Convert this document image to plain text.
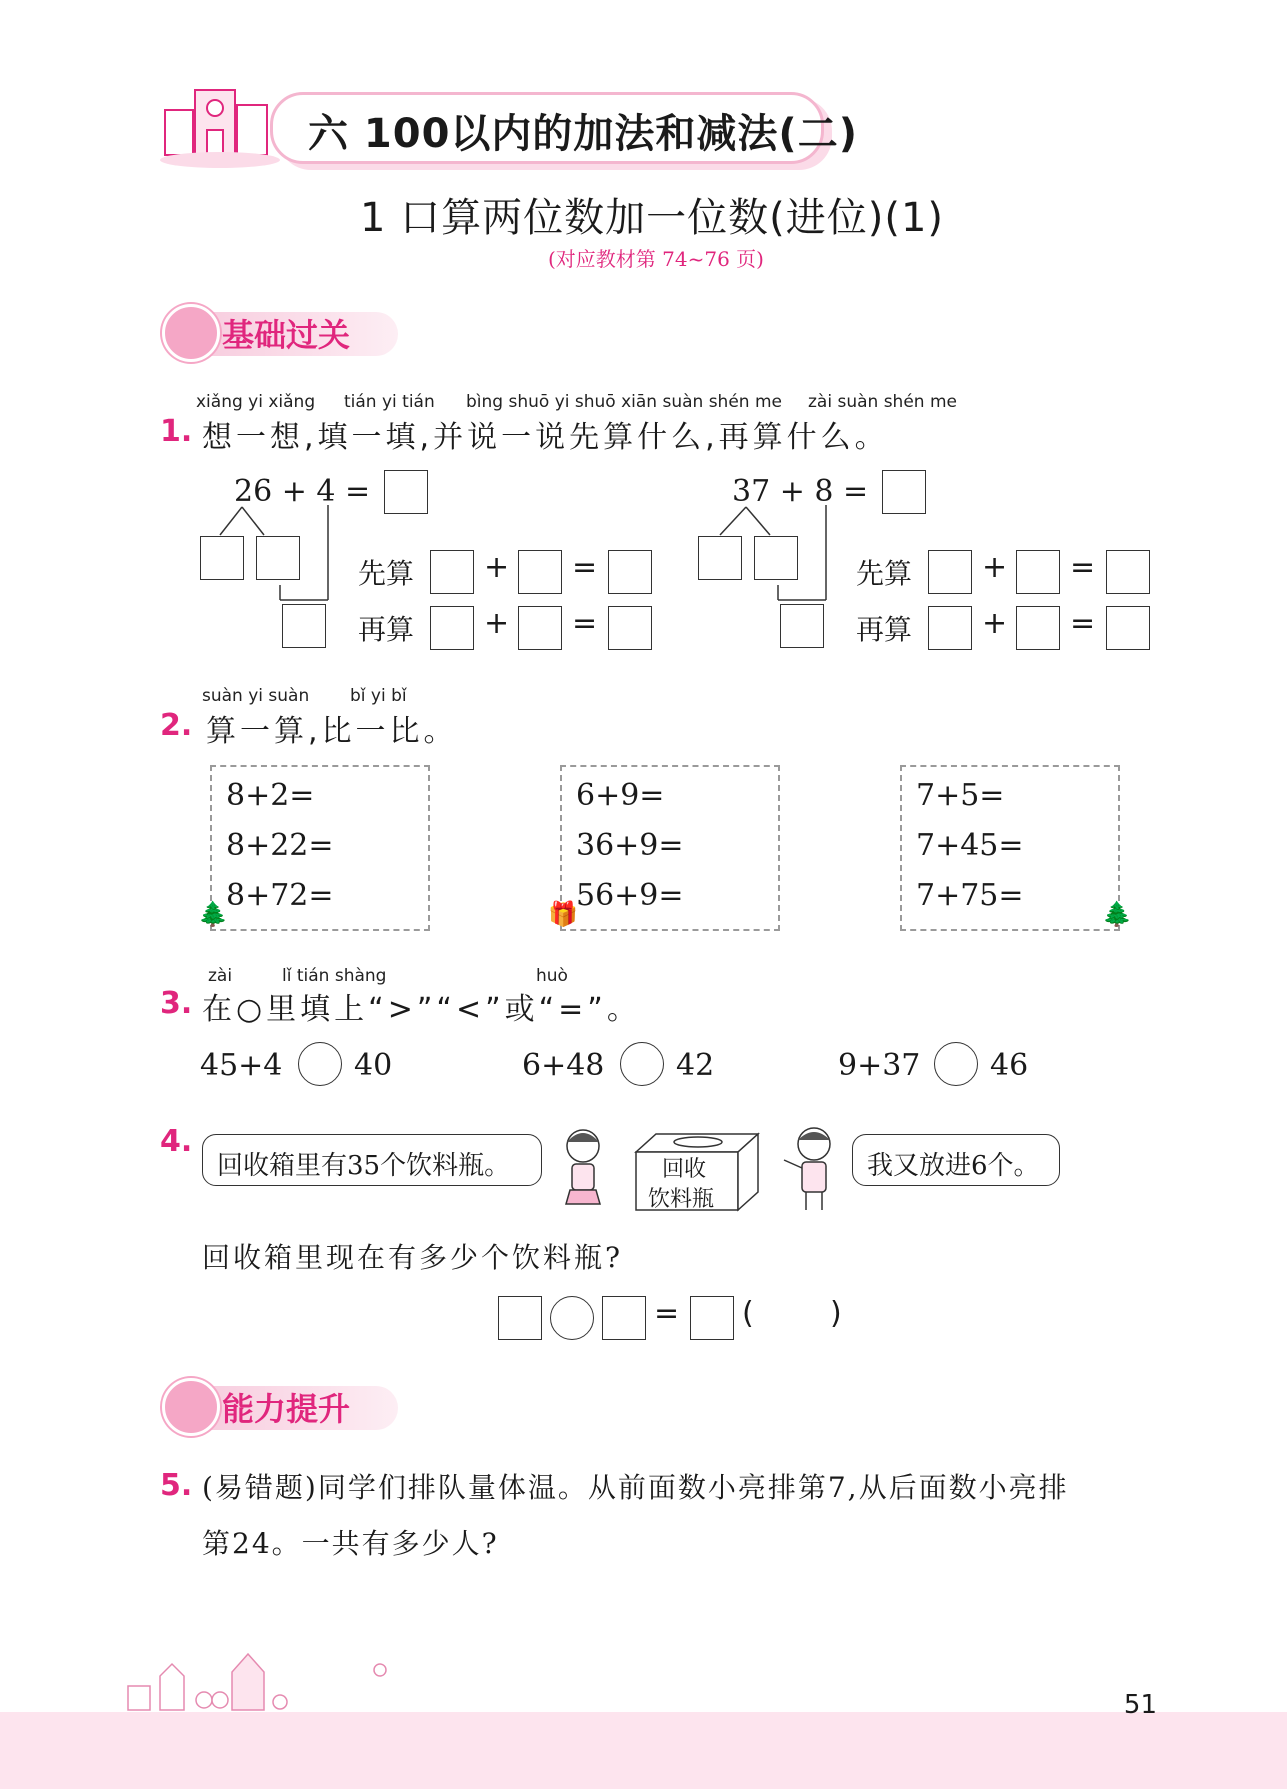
六 100以内的加法和减法(二)
1 口算两位数加一位数(进位)(1)
(对应教材第 74~76 页)
基础过关
xiǎng yi xiǎng tián yi tián bìng shuō yi shuō xiān suàn shén me zài suàn shén me
1. 想一想,填一填,并说一说先算什么,再算什么。
26 + 4 =
先算 + =
再算 + =
37 + 8 =
先算 + =
再算 + =
suàn yi suàn bǐ yi bǐ
2. 算一算,比一比。
8+2=
8+22=
8+72=
🌲
6+9=
36+9=
56+9=
🎁
7+5=
7+45=
7+75=
🌲
zài	lǐ tián shàng	huò
3. 在○里填上“>”“<”或“=”。
45+4 40	6+48 42	9+37 46
4.
回收箱里有35个饮料瓶。	回收
饮料瓶
我又放进6个。
回收箱里现在有多少个饮料瓶?
= (	)
能力提升
5. (易错题)同学们排队量体温。从前面数小亮排第7,从后面数小亮排
第24。一共有多少人?
51
